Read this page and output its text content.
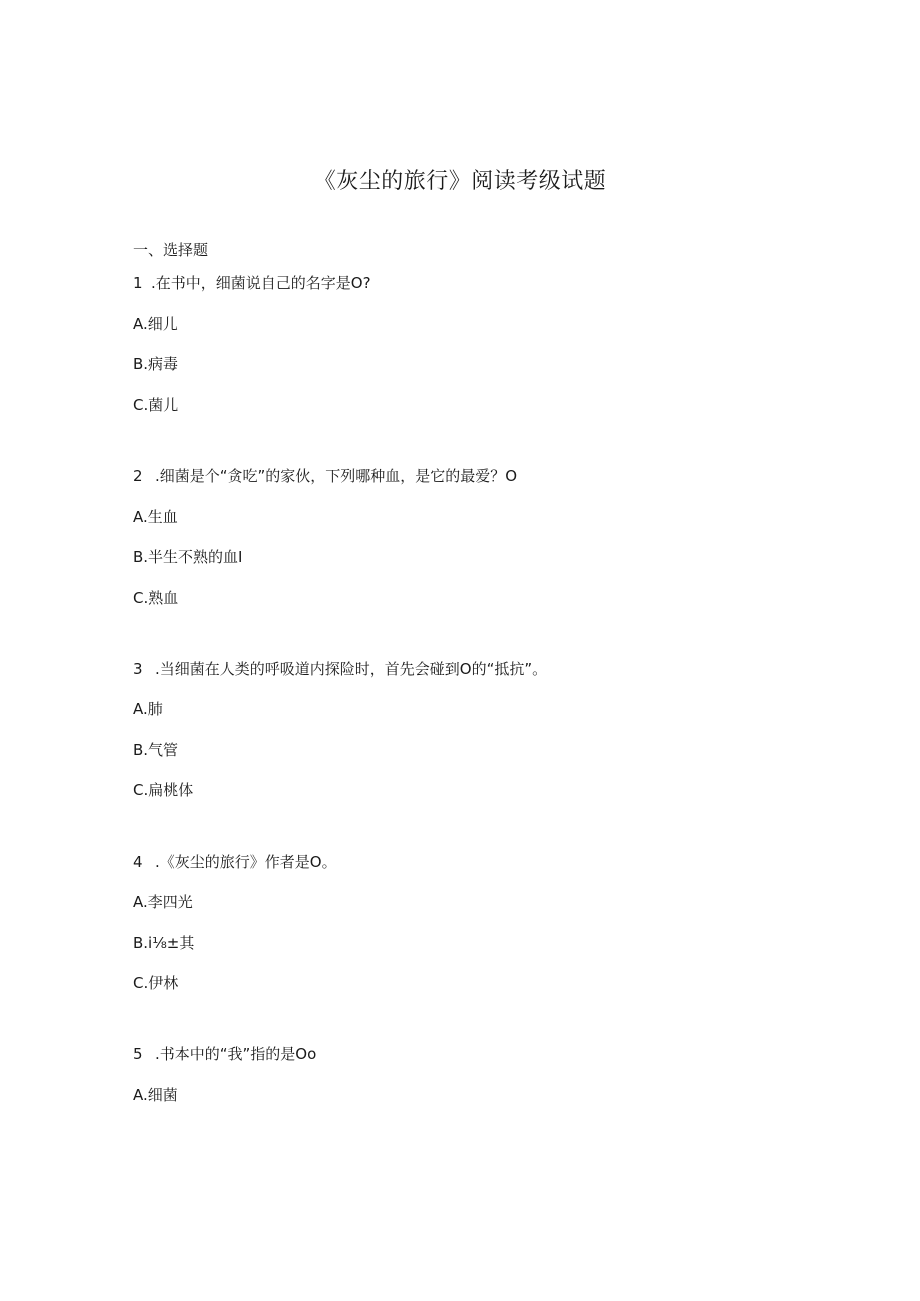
《灰尘的旅行》阅读考级试题
一、选择题
1 .在书中，细菌说自己的名字是O?
A.细儿
B.病毒
C.菌儿
2 .细菌是个“贪吃”的家伙，下列哪种血，是它的最爱？O
A.生血
B.半生不熟的血I
C.熟血
3 .当细菌在人类的呼吸道内探险时，首先会碰到O的“抵抗”。
A.肺
B.气管
C.扁桃体
4 .《灰尘的旅行》作者是O。
A.李四光
B.i⅛±其
C.伊林
5 .书本中的“我”指的是Oo
A.细菌
